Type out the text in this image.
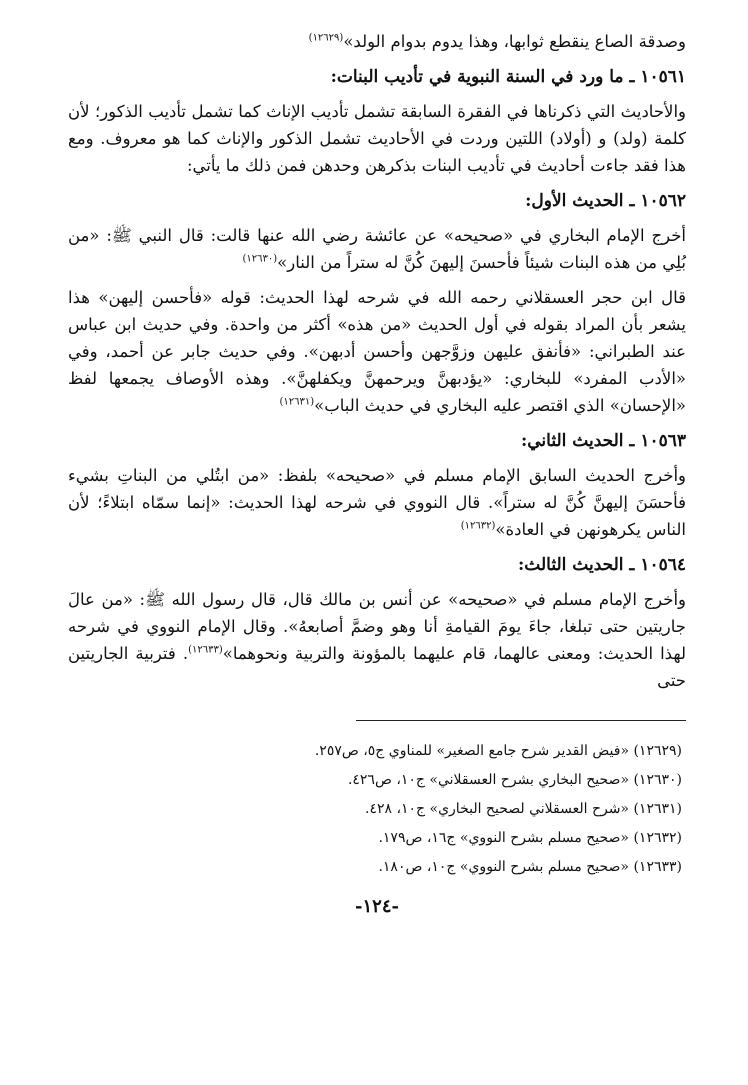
وصدقة الصاع ينقطع ثوابها، وهذا يدوم بدوام الولد»$^{(١٢٦٢٩)}$

١٠٥٦١ ـ ما ورد في السنة النبوية في تأديب البنات:

والأحاديث التي ذكرناها في الفقرة السابقة تشمل تأديب الإناث كما تشمل تأديب الذكور؛ لأن كلمة (ولد) و (أولاد) اللتين وردت في الأحاديث تشمل الذكور والإناث كما هو معروف. ومع هذا فقد جاءت أحاديث في تأديب البنات بذكرهن وحدهن فمن ذلك ما يأتي:

١٠٥٦٢ ـ الحديث الأول:

أخرج الإمام البخاري في «صحيحه» عن عائشة رضي الله عنها قالت: قال النبي ﷺ: «من بُلِي من هذه البنات شيئاً فأحسنَ إليهنَ كُنَّ له ستراً من النار»$^{(١٢٦٣٠)}$

قال ابن حجر العسقلاني رحمه الله في شرحه لهذا الحديث: قوله «فأحسن إليهن» هذا يشعر بأن المراد بقوله في أول الحديث «من هذه» أكثر من واحدة. وفي حديث ابن عباس عند الطبراني: «فأنفق عليهن وزوَّجهن وأحسن أدبهن». وفي حديث جابر عن أحمد، وفي «الأدب المفرد» للبخاري: «يؤدبهنَّ ويرحمهنَّ ويكفلهنَّ». وهذه الأوصاف يجمعها لفظ «الإحسان» الذي اقتصر عليه البخاري في حديث الباب»$^{(١٢٦٣١)}$

١٠٥٦٣ ـ الحديث الثاني:

وأخرج الحديث السابق الإمام مسلم في «صحيحه» بلفظ: «من ابتُلي من البناتِ بشيء فأحسَنَ إليهنَّ كُنَّ له ستراً». قال النووي في شرحه لهذا الحديث: «إنما سمّاه ابتلاءً؛ لأن الناس يكرهونهن في العادة»$^{(١٢٦٣٢)}$

١٠٥٦٤ ـ الحديث الثالث:

وأخرج الإمام مسلم في «صحيحه» عن أنس بن مالك قال، قال رسول الله ﷺ: «من عالَ جاريتين حتى تبلغا، جاءَ يومَ القيامةِ أنا وهو وضمَّ أصابعهُ». وقال الإمام النووي في شرحه لهذا الحديث: ومعنى عالهما، قام عليهما بالمؤونة والتربية ونحوهما»$^{(١٢٦٣٣)}$. فتربية الجاريتين حتى

(١٢٦٢٩) «فيض القدير شرح جامع الصغير» للمناوي ج٥، ص٢٥٧.
(١٢٦٣٠) «صحيح البخاري بشرح العسقلاني» ج١٠، ص٤٢٦.
(١٢٦٣١) «شرح العسقلاني لصحيح البخاري» ج١٠، ٤٢٨.
(١٢٦٣٢) «صحيح مسلم بشرح النووي» ج١٦، ص١٧٩.
(١٢٦٣٣) «صحيح مسلم بشرح النووي» ج١٠، ص١٨٠.
-١٢٤-
